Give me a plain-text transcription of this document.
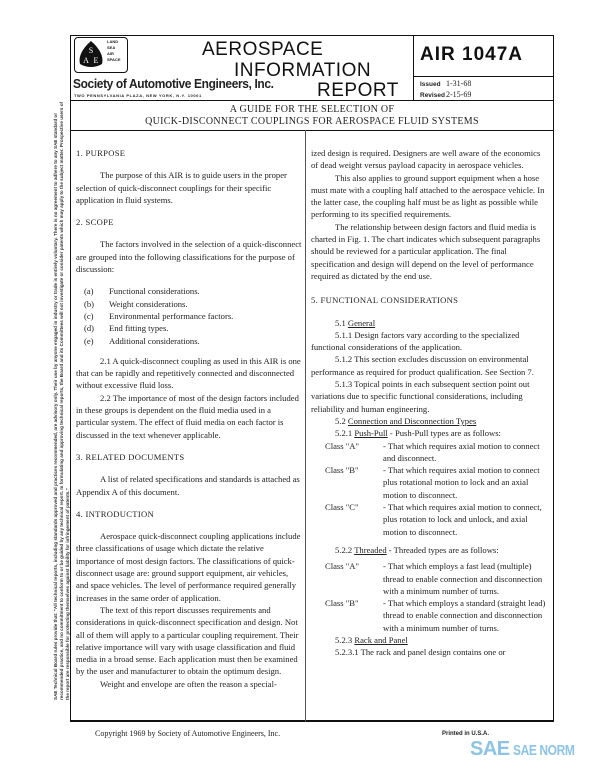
SAE Technical Board rules provide that: "All technical reports, including standards approved and practices recommended, are advisory only. Their use by anyone engaged in industry or trade is entirely voluntary. There is no agreement to adhere to any SAE standard or recommended practice, and no commitment to conform to or be guided by any technical report. In formulating and approving technical reports, the Board and its Committees will not investigate or consider patents which may apply to the subject matter. Prospective users of the report are responsible for protecting themselves against liability for infringement of patents."
S
A E
LAND
SEA
AIR
SPACE
Society of Automotive Engineers, Inc.
TWO PENNSYLVANIA PLAZA, NEW YORK, N.Y. 10001
AEROSPACE
INFORMATION
REPORT
AIR 1047A
Issued 1-31-68
Revised2-15-69
A GUIDE FOR THE SELECTION OF
QUICK-DISCONNECT COUPLINGS FOR AEROSPACE FLUID SYSTEMS

1. PURPOSE

The purpose of this AIR is to guide users in the proper selection of quick-disconnect couplings for their specific application in fluid systems.

2. SCOPE

The factors involved in the selection of a quick-disconnect are grouped into the following classifications for the purpose of discussion:

(a)	Functional considerations.
(b)	Weight considerations.
(c)	Environmental performance factors.
(d)	End fitting types.
(e)	Additional considerations.

2.1 A quick-disconnect coupling as used in this AIR is one that can be rapidly and repetitively connected and disconnected without excessive fluid loss.

2.2 The importance of most of the design factors included in these groups is dependent on the fluid media used in a particular system. The effect of fluid media on each factor is discussed in the text whenever applicable.

3. RELATED DOCUMENTS

A list of related specifications and standards is attached as Appendix A of this document.

4. INTRODUCTION

Aerospace quick-disconnect coupling applications include three classifications of usage which dictate the relative importance of most design factors. The classifications of quick-disconnect usage are: ground support equipment, air vehicles, and space vehicles. The level of performance required generally increases in the same order of application.

The text of this report discusses requirements and considerations in quick-disconnect specification and design. Not all of them will apply to a particular coupling requirement. Their relative importance will vary with usage classification and fluid media in a broad sense. Each application must then be examined by the user and manufacturer to obtain the optimum design.

Weight and envelope are often the reason a special-

ized design is required. Designers are well aware of the economics of dead weight versus payload capacity in aerospace vehicles.

This also applies to ground support equipment when a hose must mate with a coupling half attached to the aerospace vehicle. In the latter case, the coupling half must be as light as possible while performing to its specified requirements.

The relationship between design factors and fluid media is charted in Fig. 1. The chart indicates which subsequent paragraphs should be reviewed for a particular application. The final specification and design will depend on the level of performance required as dictated by the end use.

5. FUNCTIONAL CONSIDERATIONS

5.1 General

5.1.1 Design factors vary according to the specialized functional considerations of the application.

5.1.2 This section excludes discussion on environmental performance as required for product qualification. See Section 7.

5.1.3 Topical points in each subsequent section point out variations due to specific functional considerations, including reliability and human engineering.

5.2 Connection and Disconnection Types

5.2.1 Push-Pull - Push-Pull types are as follows:

Class "A"	- That which requires axial motion to connect and disconnect.
Class "B"	- That which requires axial motion to connect plus rotational motion to lock and an axial motion to disconnect.
Class "C"	- That which requires axial motion to connect, plus rotation to lock and unlock, and axial motion to disconnect.

5.2.2 Threaded - Threaded types are as follows:

Class "A"	- That which employs a fast lead (multiple) thread to enable connection and disconnection with a minimum number of turns.
Class "B"	- That which employs a standard (straight lead) thread to enable connection and disconnection with a minimum number of turns.

5.2.3 Rack and Panel

5.2.3.1 The rack and panel design contains one or

Copyright 1969 by Society of Automotive Engineers, Inc.	Printed in U.S.A.
SAE SAE NORM
